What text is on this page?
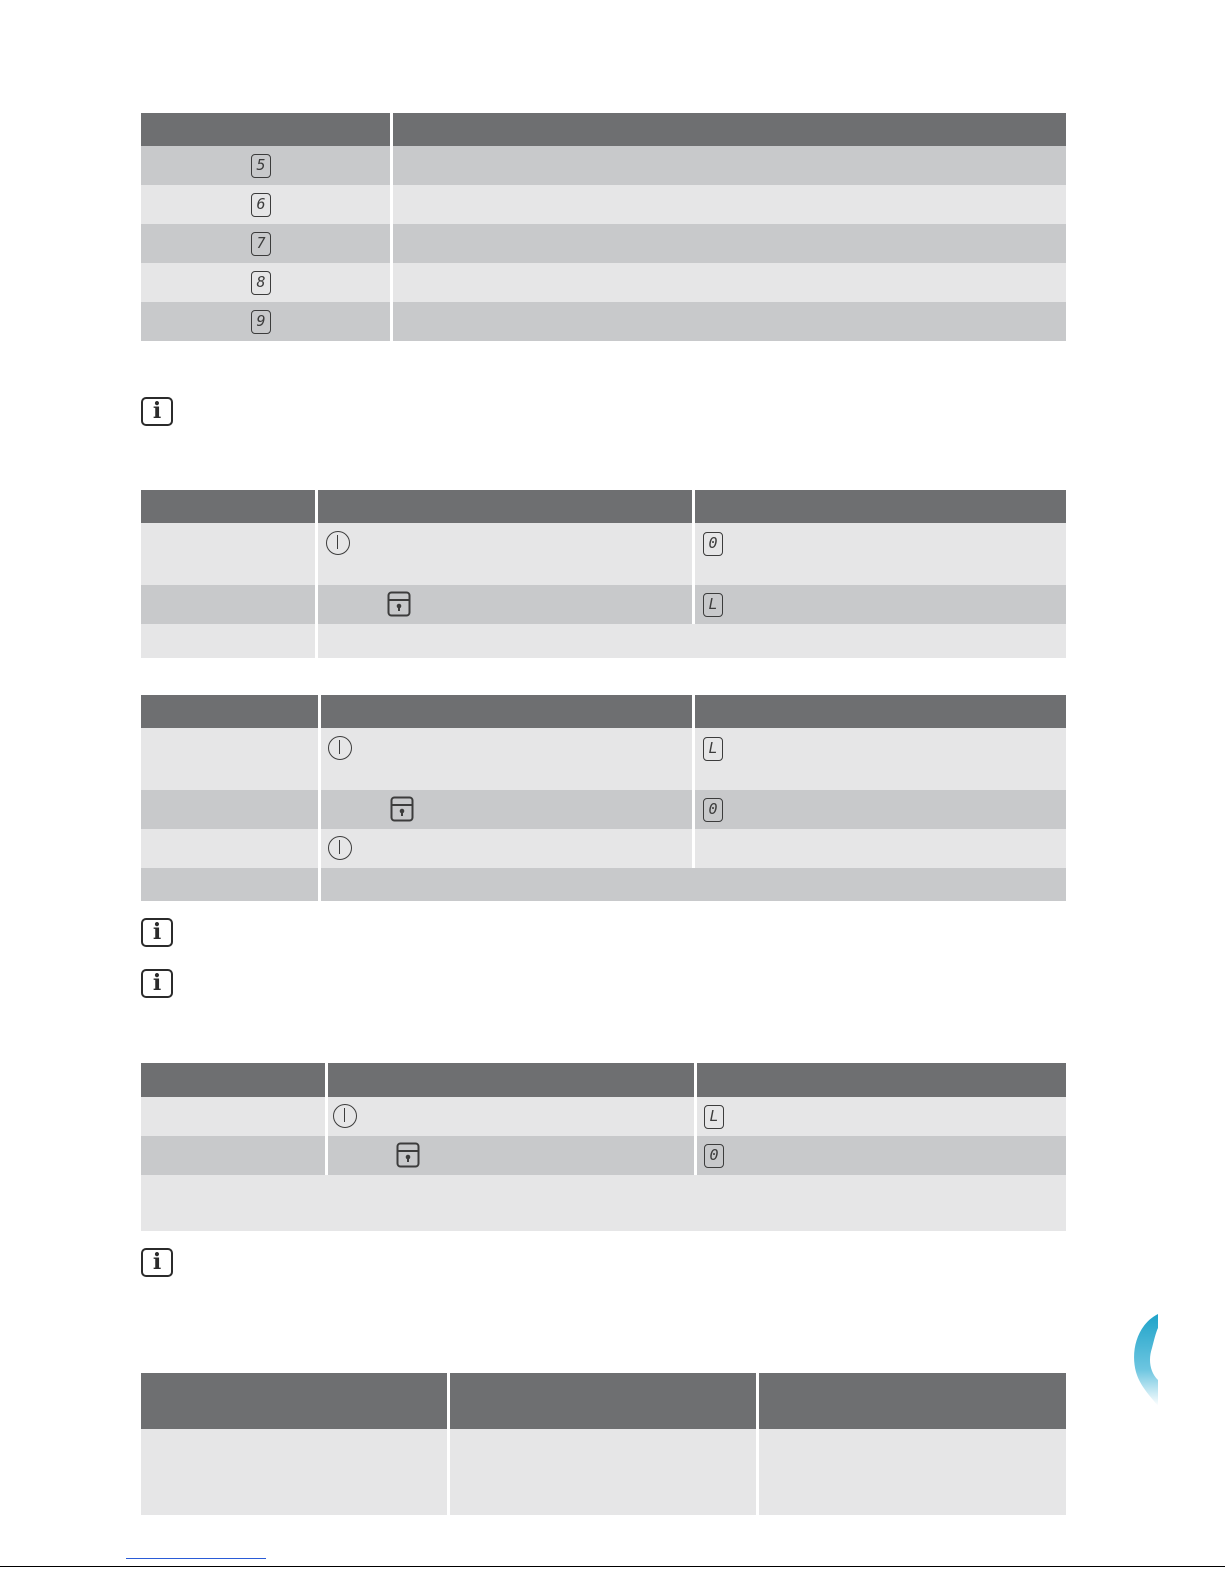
5
6
7
8
9
i
0
L
L
0
i
i
L
0
i
